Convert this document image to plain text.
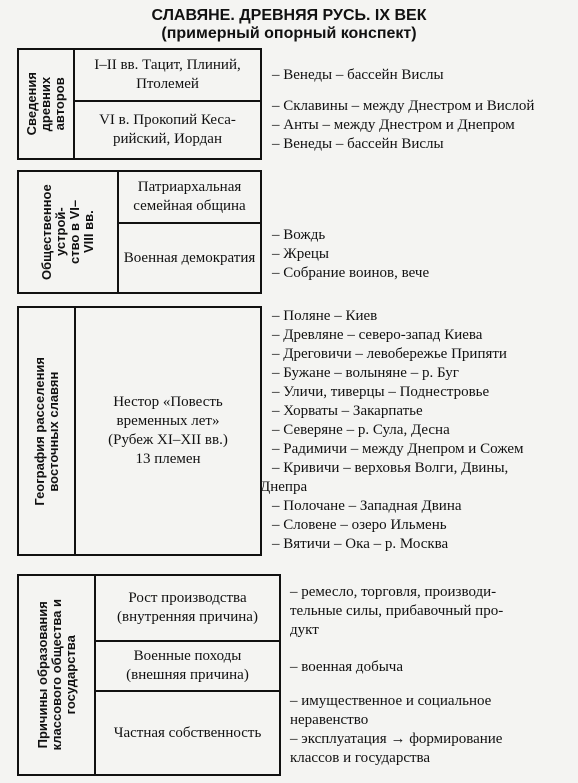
СЛАВЯНЕ. ДРЕВНЯЯ РУСЬ. IX ВЕК
(примерный опорный конспект)
Сведения
древних
авторов
I–II вв. Тацит, Плиний,
Птолемей
VI в. Прокопий Кеса-
рийский, Иордан
– Венеды – бассейн Вислы
– Склавины – между Днестром и Вислой
– Анты – между Днестром и Днепром
– Венеды – бассейн Вислы
Общественное устрой-
ство в VI–
VIII вв.
Патриархальная
семейная община
Военная демократия
– Вождь
– Жрецы
– Собрание воинов, вече
География расселения
восточных славян	Нестор «Повесть
временных лет»
(Рубеж XI–XII вв.)
13 племен
– Поляне – Киев
– Древляне – северо-запад Киева
– Дреговичи – левобережье Припяти
– Бужане – волыняне – р. Буг
– Уличи, тиверцы – Поднестровье
– Хорваты – Закарпатье
– Северяне – р. Сула, Десна
– Радимичи – между Днепром и Сожем
– Кривичи – верховья Волги, Двины,
Днепра
– Полочане – Западная Двина
– Словене – озеро Ильмень
– Вятичи – Ока – р. Москва
Причины образования
классового общества и
государства
Рост производства
(внутренняя причина)
Военные походы
(внешняя причина)
Частная собственность
– ремесло, торговля, производи-
тельные силы, прибавочный про-
дукт
– военная добыча
– имущественное и социальное
неравенство
– эксплуатация → формирование
классов и государства
